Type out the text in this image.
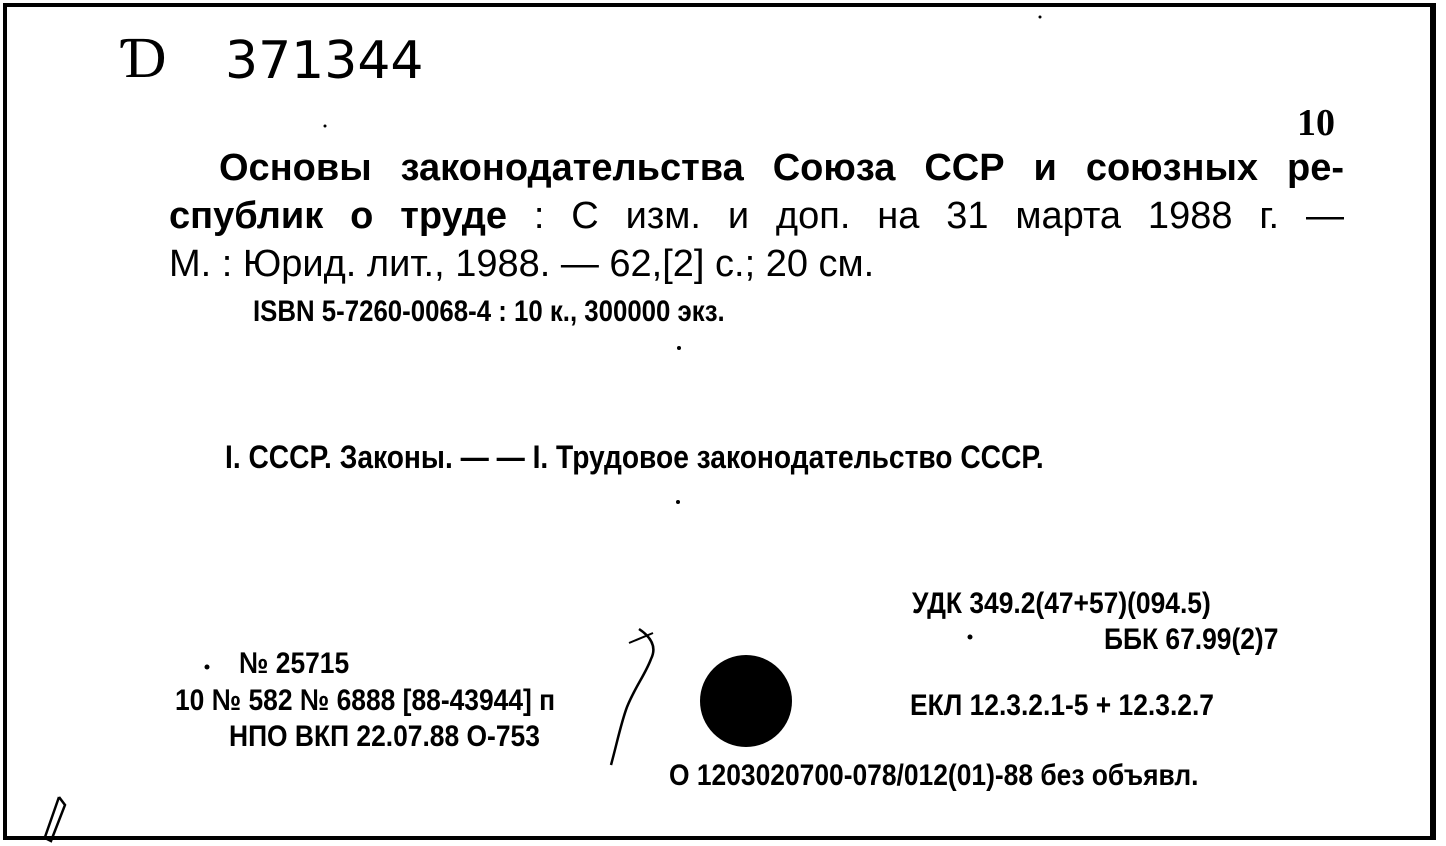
Ɗ 371344
10
Основы законодательства Союза ССР и союзных ре-
спублик о труде : С изм. и доп. на 31 марта 1988 г. —
М. : Юрид. лит., 1988. — 62,[2] с.; 20 см.
ISBN 5-7260-0068-4 : 10 к., 300000 экз.
I. СССР. Законы. — — I. Трудовое законодательство СССР.
УДК 349.2(47+57)(094.5)
ББК 67.99(2)7
ЕКЛ 12.3.2.1-5 + 12.3.2.7
№ 25715
10 № 582 № 6888 [88-43944] п
НПО ВКП 22.07.88 О-753
О 1203020700-078/012(01)-88 без объявл.
